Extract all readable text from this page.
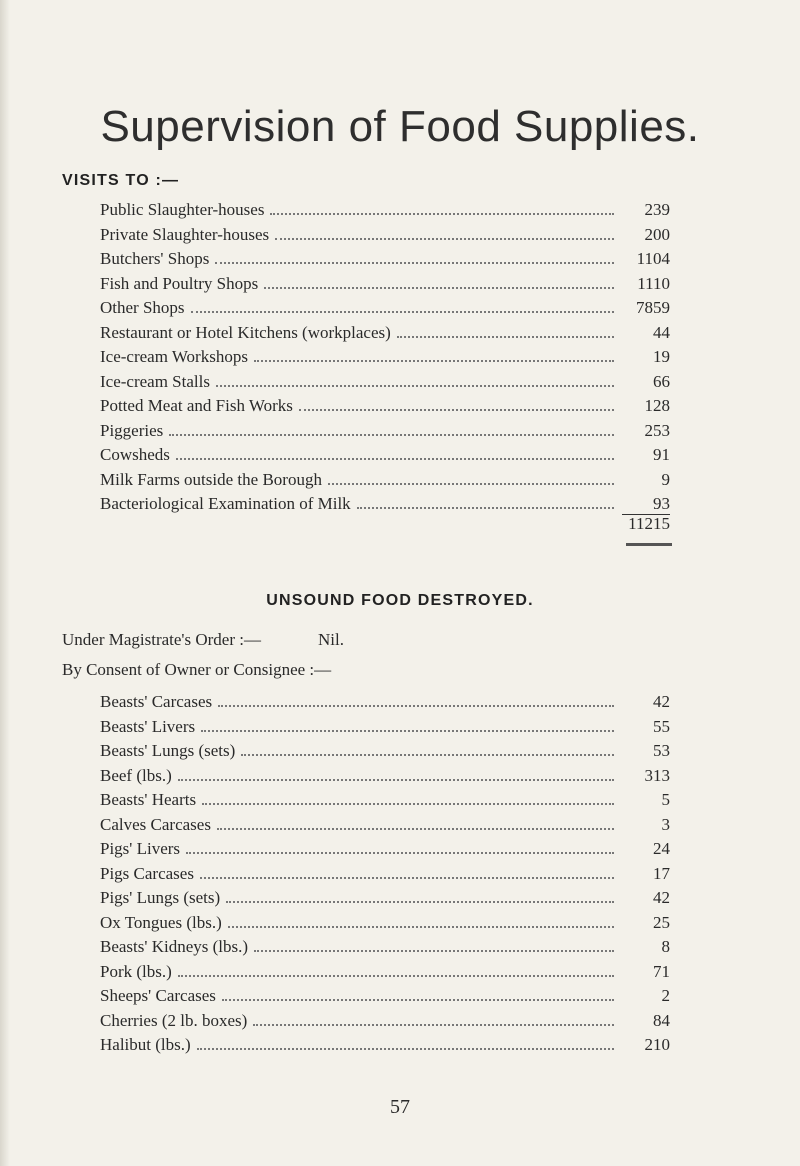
Supervision of Food Supplies.
VISITS TO :—
Public Slaughter-houses	239
Private Slaughter-houses	200
Butchers' Shops	1104
Fish and Poultry Shops	1110
Other Shops	7859
Restaurant or Hotel Kitchens (workplaces)	44
Ice-cream Workshops	19
Ice-cream Stalls	66
Potted Meat and Fish Works	128
Piggeries	253
Cowsheds	91
Milk Farms outside the Borough	9
Bacteriological Examination of Milk	93
11215
UNSOUND FOOD DESTROYED.
Under Magistrate's Order :—	Nil.
By Consent of Owner or Consignee :—
Beasts' Carcases	42
Beasts' Livers	55
Beasts' Lungs (sets)	53
Beef (lbs.)	313
Beasts' Hearts	5
Calves Carcases	3
Pigs' Livers	24
Pigs Carcases	17
Pigs' Lungs (sets)	42
Ox Tongues (lbs.)	25
Beasts' Kidneys (lbs.)	8
Pork (lbs.)	71
Sheeps' Carcases	2
Cherries (2 lb. boxes)	84
Halibut (lbs.)	210
57
